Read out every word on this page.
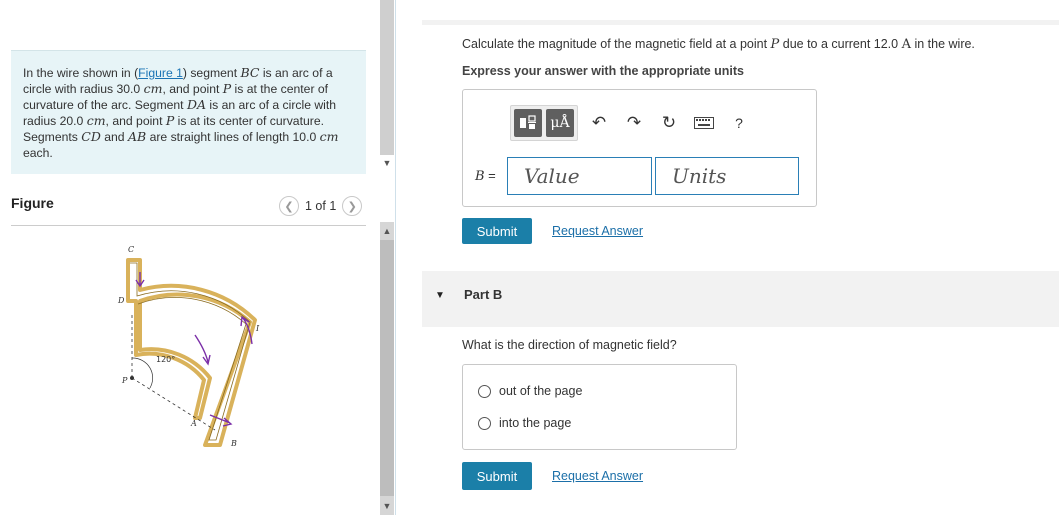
In the wire shown in (Figure 1) segment BC is an arc of a circle with radius 30.0 cm, and point P is at the center of curvature of the arc. Segment DA is an arc of a circle with radius 20.0 cm, and point P is at its center of curvature. Segments CD and AB are straight lines of length 10.0 cm each.
Figure	❮ 1 of 1	❯
C
D
P
A
B
I
120°
▼
▲
▼
Calculate the magnitude of the magnetic field at a point P due to a current 12.0 A in the wire.
Express your answer with the appropriate units
μÅ	↶	↷	↻	?
B =
Value
Units
Submit	Request Answer
▼ Part B
What is the direction of magnetic field?
out of the page
into the page
Submit	Request Answer
